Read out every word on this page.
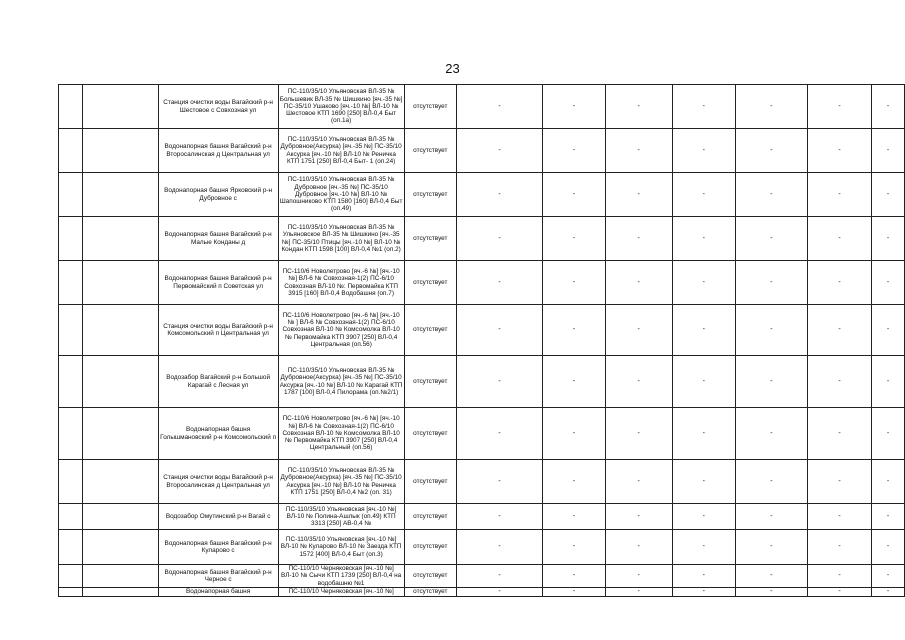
23
		Станция очистки воды Вагайский р-н Шестовое с Совхозная ул	ПС-110/35/10 Ульяновская ВЛ-35 № Большевик ВЛ-35 № Шишкино [яч.-35 №] ПС-35/10 Ушаково [яч.-10 №] ВЛ-10 № Шестовое КТП 1690 [250] ВЛ-0,4 Быт (оп.1а)	отсутствует	-	-	-	-	-	-	-
		Водонапорная башня Вагайский р-н Второсалинская д Центральная ул	ПС-110/35/10 Ульяновская ВЛ-35 № Дубровное(Аксурка) [яч.-35 №] ПС-35/10 Аксурка [яч.-10 №] ВЛ-10 № Реничка КТП 1751 [250] ВЛ-0,4 Быт- 1 (оп.24)	отсутствует	-	-	-	-	-	-	-
		Водонапорная башня Ярковский р-н Дубровное с	ПС-110/35/10 Ульяновская ВЛ-35 № Дубровное [яч.-35 №] ПС-35/10 Дубровное [яч.-10 №] ВЛ-10 № Шапошниково КТП 1580 [160] ВЛ-0,4 Быт (оп.49)	отсутствует	-	-	-	-	-	-	-
		Водонапорная башня Вагайский р-н Малые Конданы д	ПС-110/35/10 Ульяновская ВЛ-35 № Ульяновское ВЛ-35 № Шишкино [яч.-35 №] ПС-35/10 Птицы [яч.-10 №] ВЛ-10 № Кондан КТП 1598 [100] ВЛ-0,4 №1 (оп.2)	отсутствует	-	-	-	-	-	-	-
		Водонапорная башня Вагайский р-н Первомайский п Советская ул	ПС-110/6 Новолетрово [яч.-6 №] [яч.-10 №] ВЛ-6 № Совхозная-1(2) ПС-6/10 Совхозная ВЛ-10 №: Первомайка КТП 3915 [160] ВЛ-0,4 Водобашня (оп.7)	отсутствует	-	-	-	-	-	-	-
		Станция очистки воды Вагайский р-н Комсомольский п Центральная ул	ПС-110/6 Новолетрово [яч.-6 №] [яч.-10 № ] ВЛ-6 № Совхозная-1(2) ПС-6/10 Совхозная ВЛ-10 № Комсомолка ВЛ-10 № Первомайка КТП 3907 [250] ВЛ-0,4 Центральная (оп.56)	отсутствует	-	-	-	-	-	-	-
		Водозабор Вагайский р-н Большой Карагай с Лесная ул	ПС-110/35/10 Ульяновская ВЛ-35 № Дубровное(Аксурка) [яч.-35 №] ПС-35/10 Аксурка [яч.-10 №] ВЛ-10 № Карагай КТП 1787 [100] ВЛ-0,4 Пилорама (оп.№2/1)	отсутствует	-	-	-	-	-	-	-
		Водонапорная башня Голышмановский р-н Комсомольский п	ПС-110/6 Новолетрово [яч.-6 №] [яч.-10 №] ВЛ-6 № Совхозная-1(2) ПС-6/10 Совхозная ВЛ-10 № Комсомолка ВЛ-10 № Первомайка КТП 3907 [250] ВЛ-0,4 Центральный (оп.56)	отсутствует	-	-	-	-	-	-	-
		Станция очистки воды Вагайский р-н Второсалинская д Центральная ул	ПС-110/35/10 Ульяновская ВЛ-35 № Дубровное(Аксурка) [яч.-35 №] ПС-35/10 Аксурка [яч.-10 №] ВЛ-10 № Реничка КТП 1751 [250] ВЛ-0,4 №2 (оп. 31)	отсутствует	-	-	-	-	-	-	-
		Водозабор Омутинский р-н Вагай с	ПС-110/35/10 Ульяновская [яч.-10 №] ВЛ-10 № Полина-Ашлык (оп.49) КТП 3313 [250] АВ-0,4 №	отсутствует	-	-	-	-	-	-	-
		Водонапорная башня Вагайский р-н Куларово с	ПС-110/35/10 Ульяновская [яч.-10 №] ВЛ-10 № Куларово ВЛ-10 № Заезда КТП 1572 [400] ВЛ-0,4 Быт (оп.3)	отсутствует	-	-	-	-	-	-	-
		Водонапорная башня Вагайский р-н Черное с	ПС-110/10 Черняковская [яч.-10 №] ВЛ-10 № Сычи КТП 1739 [250] ВЛ-0,4 на водобашню №1	отсутствует	-	-	-	-	-	-	-
		Водонапорная башня	ПС-110/10 Черняковская [яч.-10 №]	отсутствует	-	-	-	-	-	-	-
